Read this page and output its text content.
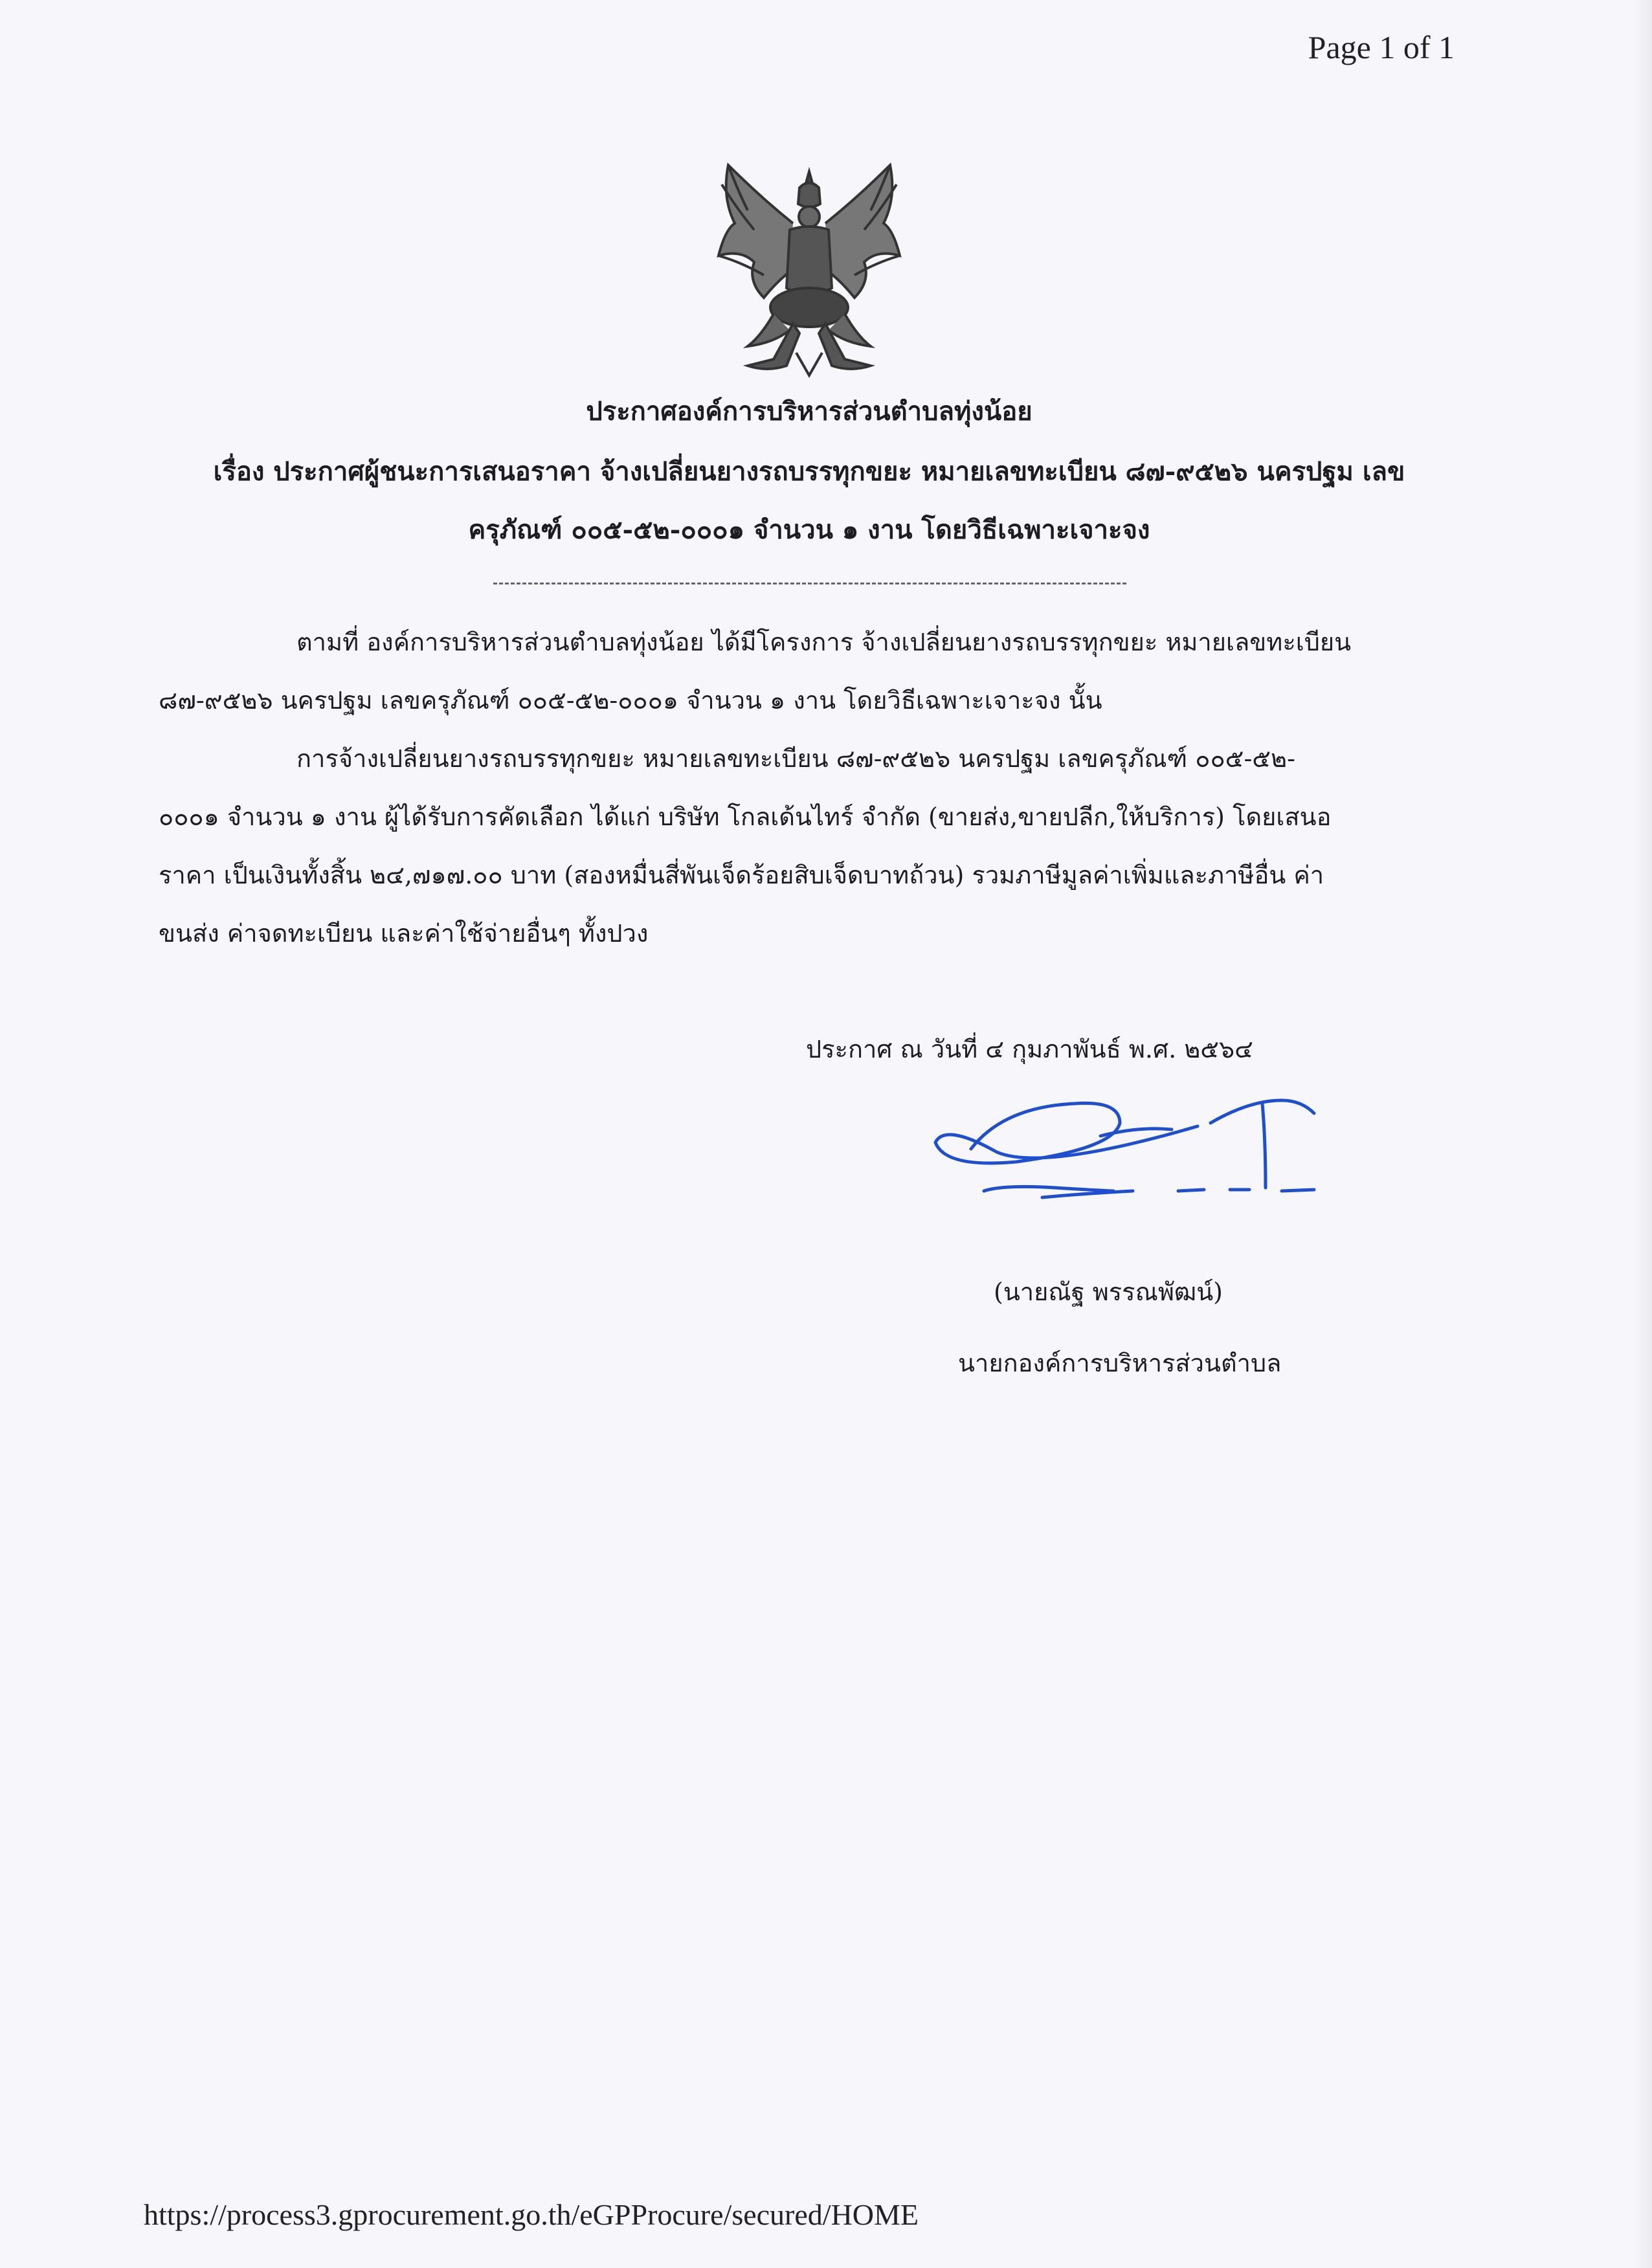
Page 1 of 1
ประกาศองค์การบริหารส่วนตำบลทุ่งน้อย
เรื่อง ประกาศผู้ชนะการเสนอราคา จ้างเปลี่ยนยางรถบรรทุกขยะ หมายเลขทะเบียน ๘๗-๙๕๒๖ นครปฐม เลข
ครุภัณฑ์ ๐๐๕-๕๒-๐๐๐๑ จำนวน ๑ งาน โดยวิธีเฉพาะเจาะจง
ตามที่ องค์การบริหารส่วนตำบลทุ่งน้อย ได้มีโครงการ จ้างเปลี่ยนยางรถบรรทุกขยะ หมายเลขทะเบียน
๘๗-๙๕๒๖ นครปฐม เลขครุภัณฑ์ ๐๐๕-๕๒-๐๐๐๑ จำนวน ๑ งาน โดยวิธีเฉพาะเจาะจง นั้น
การจ้างเปลี่ยนยางรถบรรทุกขยะ หมายเลขทะเบียน ๘๗-๙๕๒๖ นครปฐม เลขครุภัณฑ์ ๐๐๕-๕๒-
๐๐๐๑ จำนวน ๑ งาน ผู้ได้รับการคัดเลือก ได้แก่ บริษัท โกลเด้นไทร์ จำกัด (ขายส่ง,ขายปลีก,ให้บริการ) โดยเสนอ
ราคา เป็นเงินทั้งสิ้น ๒๔,๗๑๗.๐๐ บาท (สองหมื่นสี่พันเจ็ดร้อยสิบเจ็ดบาทถ้วน) รวมภาษีมูลค่าเพิ่มและภาษีอื่น ค่า
ขนส่ง ค่าจดทะเบียน และค่าใช้จ่ายอื่นๆ ทั้งปวง
ประกาศ ณ วันที่ ๔ กุมภาพันธ์ พ.ศ. ๒๕๖๔
(นายณัฐ พรรณพัฒน์)
นายกองค์การบริหารส่วนตำบล
https://process3.gprocurement.go.th/eGPProcure/secured/HOME
